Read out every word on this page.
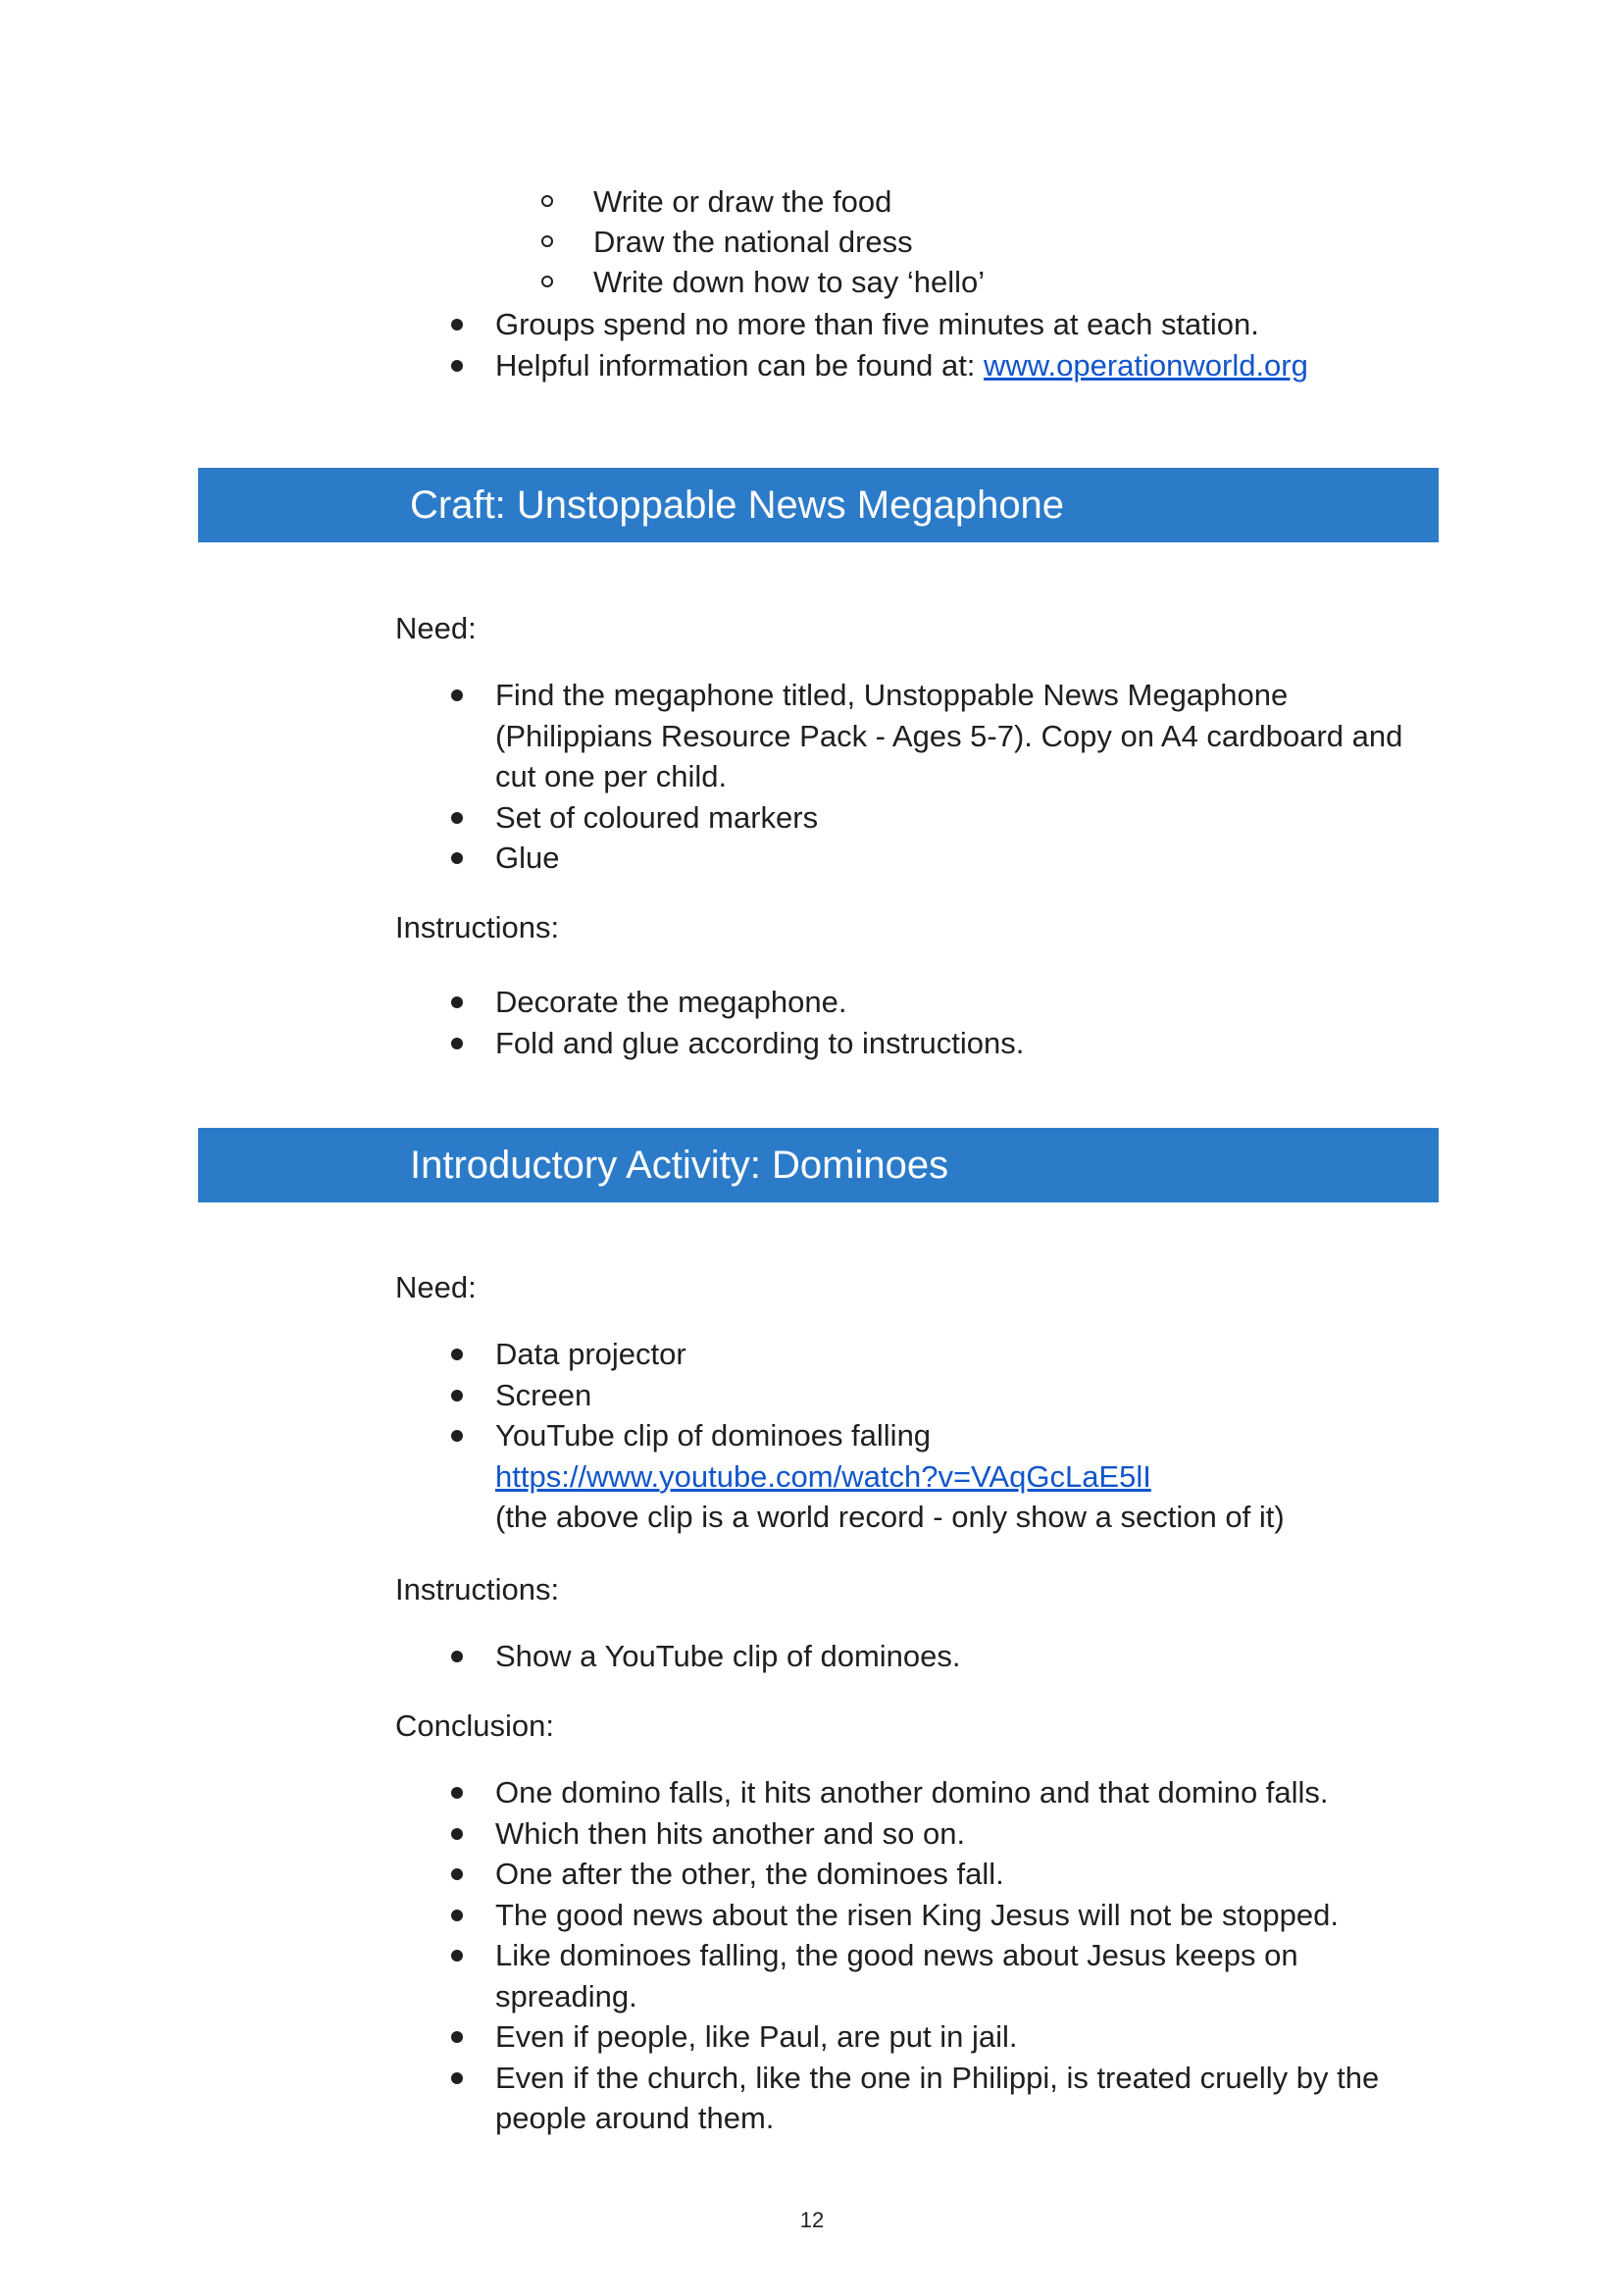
Write or draw the food
Draw the national dress
Write down how to say ‘hello’
Groups spend no more than five minutes at each station.
Helpful information can be found at: www.operationworld.org
Craft: Unstoppable News Megaphone
Need:
Find the megaphone titled, Unstoppable News Megaphone (Philippians Resource Pack - Ages 5-7). Copy on A4 cardboard and cut one per child.
Set of coloured markers
Glue
Instructions:
Decorate the megaphone.
Fold and glue according to instructions.
Introductory Activity: Dominoes
Need:
Data projector
Screen
YouTube clip of dominoes falling
https://www.youtube.com/watch?v=VAqGcLaE5lI
(the above clip is a world record - only show a section of it)
Instructions:
Show a YouTube clip of dominoes.
Conclusion:
One domino falls, it hits another domino and that domino falls.
Which then hits another and so on.
One after the other, the dominoes fall.
The good news about the risen King Jesus will not be stopped.
Like dominoes falling, the good news about Jesus keeps on spreading.
Even if people, like Paul, are put in jail.
Even if the church, like the one in Philippi, is treated cruelly by the people around them.
12
